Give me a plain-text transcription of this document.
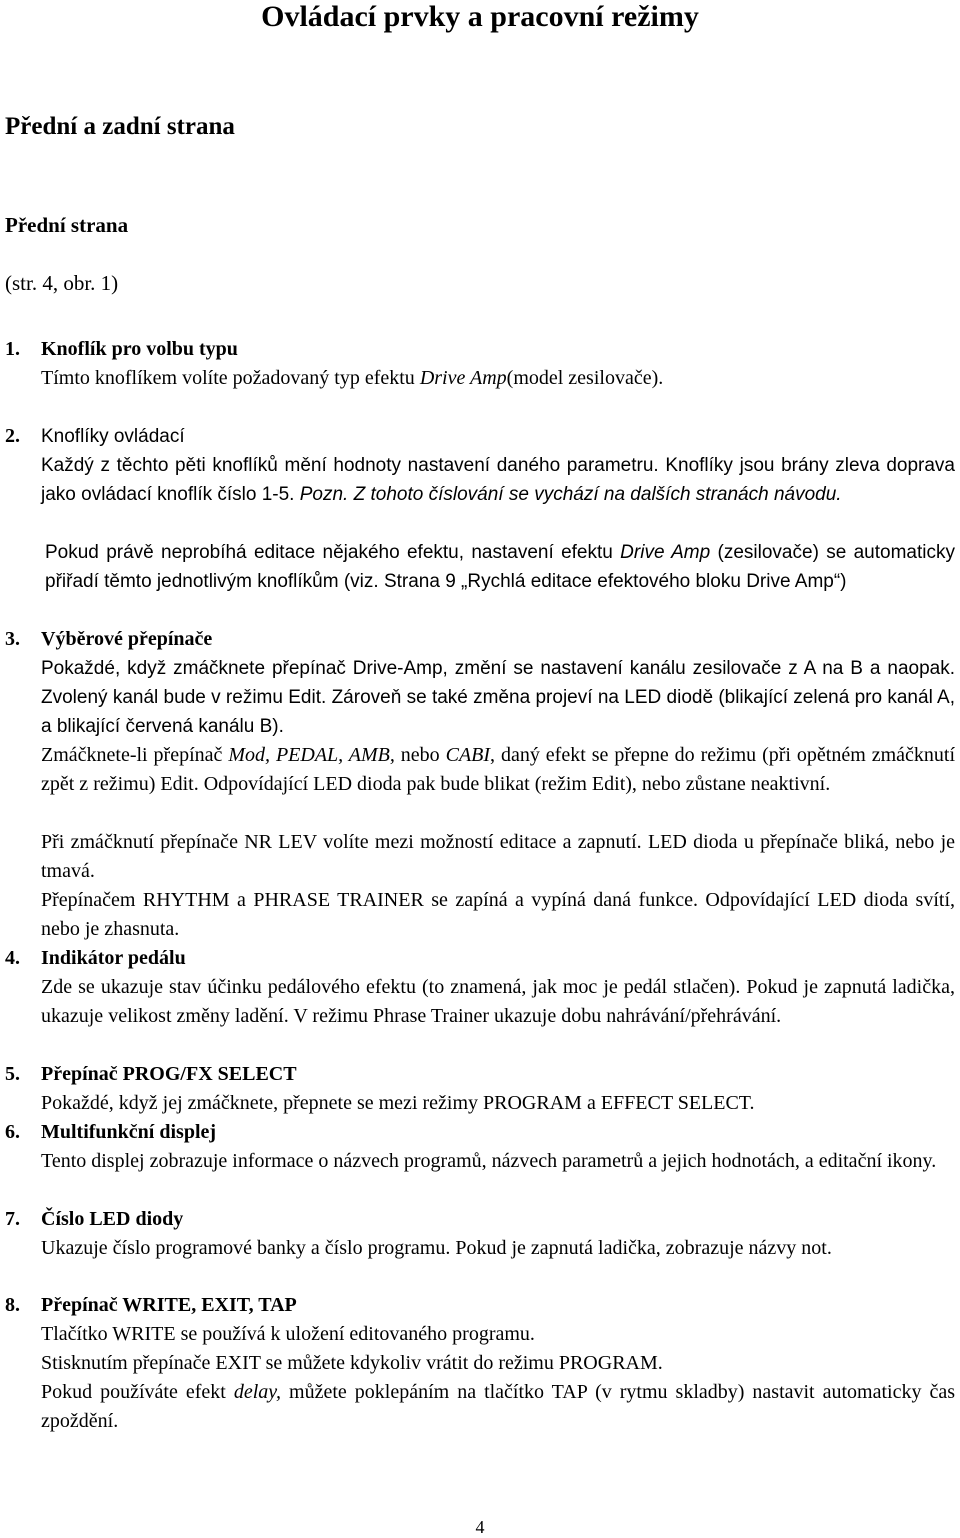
Ovládací prvky a pracovní režimy
Přední a zadní strana
Přední strana

(str. 4, obr. 1)

1. Knoflík pro volbu typu

Tímto knoflíkem volíte požadovaný typ efektu Drive Amp(model zesilovače).

2. Knoflíky ovládací

Každý z těchto pěti knoflíků mění hodnoty nastavení daného parametru. Knoflíky jsou brány zleva doprava jako ovládací knoflík číslo 1-5. Pozn. Z tohoto číslování se vychází na dalších stranách návodu.

Pokud právě neprobíhá editace nějakého efektu, nastavení efektu Drive Amp (zesilovače) se automaticky přiřadí těmto jednotlivým knoflíkům (viz. Strana 9 „Rychlá editace efektového bloku Drive Amp“)

3. Výběrové přepínače

Pokaždé, když zmáčknete přepínač Drive-Amp, změní se nastavení kanálu zesilovače z A na B a naopak. Zvolený kanál bude v režimu Edit. Zároveň se také změna projeví na LED diodě (blikající zelená pro kanál A, a blikající červená kanálu B).

Zmáčknete-li přepínač Mod, PEDAL, AMB, nebo CABI, daný efekt se přepne do režimu (při opětném zmáčknutí zpět z režimu) Edit. Odpovídající LED dioda pak bude blikat (režim Edit), nebo zůstane neaktivní.

Při zmáčknutí přepínače NR LEV volíte mezi možností editace a zapnutí. LED dioda u přepínače bliká, nebo je tmavá.

Přepínačem RHYTHM a PHRASE TRAINER se zapíná a vypíná daná funkce. Odpovídající LED dioda svítí, nebo je zhasnuta.

4. Indikátor pedálu

Zde se ukazuje stav účinku pedálového efektu (to znamená, jak moc je pedál stlačen). Pokud je zapnutá ladička, ukazuje velikost změny ladění. V režimu Phrase Trainer ukazuje dobu nahrávání/přehrávání.

5. Přepínač PROG/FX SELECT

Pokaždé, když jej zmáčknete, přepnete se mezi režimy PROGRAM a EFFECT SELECT.

6. Multifunkční displej

Tento displej zobrazuje informace o názvech programů, názvech parametrů a jejich hodnotách, a editační ikony.

7. Číslo LED diody

Ukazuje číslo programové banky a číslo programu. Pokud je zapnutá ladička, zobrazuje názvy not.

8. Přepínač WRITE, EXIT, TAP

Tlačítko WRITE se používá k uložení editovaného programu.

Stisknutím přepínače EXIT se můžete kdykoliv vrátit do režimu PROGRAM.

Pokud používáte efekt delay, můžete poklepáním na tlačítko TAP (v rytmu skladby) nastavit automaticky čas zpoždění.

4
